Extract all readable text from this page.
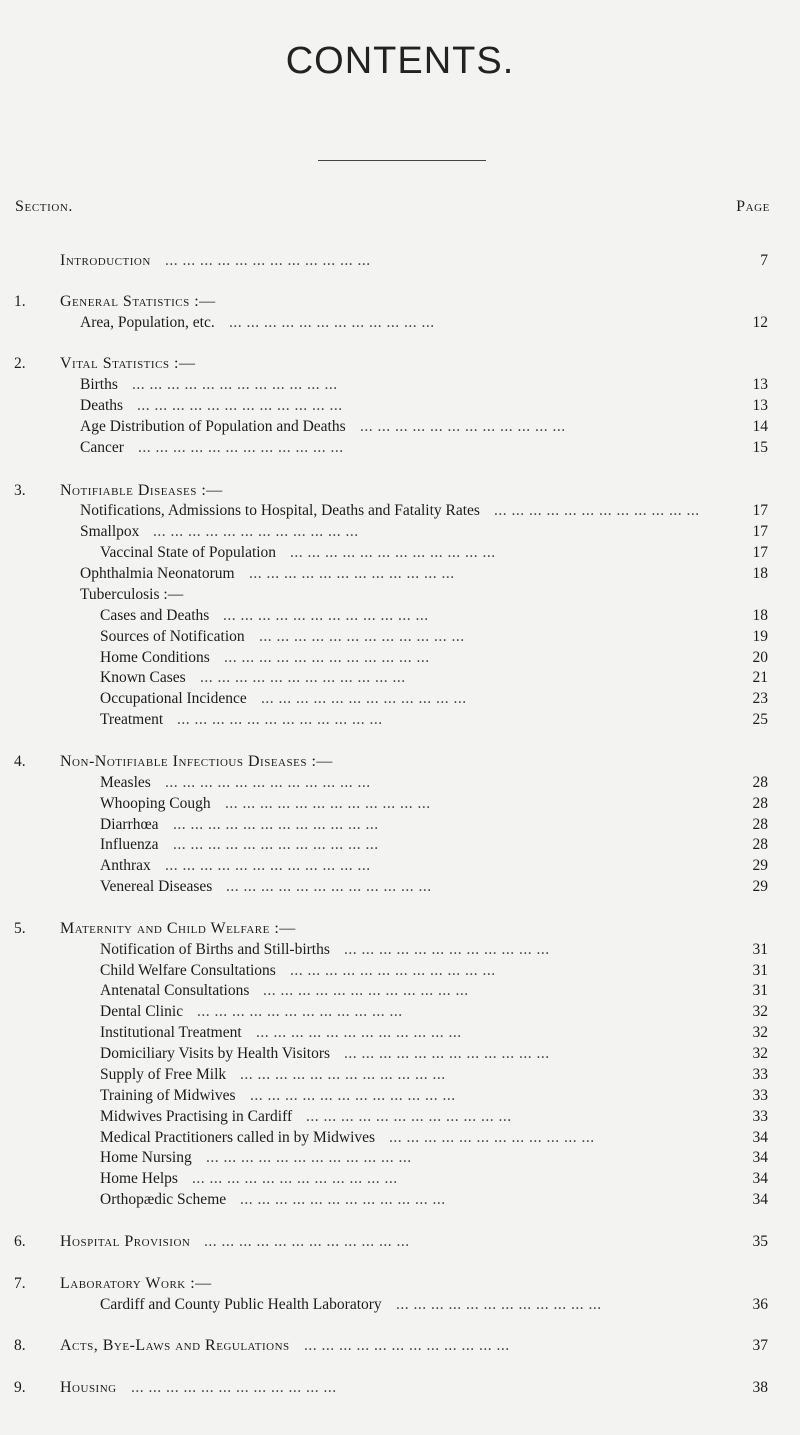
CONTENTS.
Section.	Page
Introduction ... ... ... ... ... ... ... ... ... ... ... ...	7
1.	General Statistics :—
Area, Population, etc. ... ... ... ... ... ... ... ... ... ... ... ...	12
2.	Vital Statistics :—
Births ... ... ... ... ... ... ... ... ... ... ... ...	13
Deaths ... ... ... ... ... ... ... ... ... ... ... ...	13
Age Distribution of Population and Deaths ... ... ... ... ... ... ... ... ... ... ... ...	14
Cancer ... ... ... ... ... ... ... ... ... ... ... ...	15
3.	Notifiable Diseases :—
Notifications, Admissions to Hospital, Deaths and Fatality Rates ... ... ... ... ... ... ... ... ... ... ... ...	17
Smallpox ... ... ... ... ... ... ... ... ... ... ... ...	17
Vaccinal State of Population ... ... ... ... ... ... ... ... ... ... ... ...	17
Ophthalmia Neonatorum ... ... ... ... ... ... ... ... ... ... ... ...	18
Tuberculosis :—
Cases and Deaths ... ... ... ... ... ... ... ... ... ... ... ...	18
Sources of Notification ... ... ... ... ... ... ... ... ... ... ... ...	19
Home Conditions ... ... ... ... ... ... ... ... ... ... ... ...	20
Known Cases ... ... ... ... ... ... ... ... ... ... ... ...	21
Occupational Incidence ... ... ... ... ... ... ... ... ... ... ... ...	23
Treatment ... ... ... ... ... ... ... ... ... ... ... ...	25
4.	Non-Notifiable Infectious Diseases :—
Measles ... ... ... ... ... ... ... ... ... ... ... ...	28
Whooping Cough ... ... ... ... ... ... ... ... ... ... ... ...	28
Diarrhœa ... ... ... ... ... ... ... ... ... ... ... ...	28
Influenza ... ... ... ... ... ... ... ... ... ... ... ...	28
Anthrax ... ... ... ... ... ... ... ... ... ... ... ...	29
Venereal Diseases ... ... ... ... ... ... ... ... ... ... ... ...	29
5.	Maternity and Child Welfare :—
Notification of Births and Still-births ... ... ... ... ... ... ... ... ... ... ... ...	31
Child Welfare Consultations ... ... ... ... ... ... ... ... ... ... ... ...	31
Antenatal Consultations ... ... ... ... ... ... ... ... ... ... ... ...	31
Dental Clinic ... ... ... ... ... ... ... ... ... ... ... ...	32
Institutional Treatment ... ... ... ... ... ... ... ... ... ... ... ...	32
Domiciliary Visits by Health Visitors ... ... ... ... ... ... ... ... ... ... ... ...	32
Supply of Free Milk ... ... ... ... ... ... ... ... ... ... ... ...	33
Training of Midwives ... ... ... ... ... ... ... ... ... ... ... ...	33
Midwives Practising in Cardiff ... ... ... ... ... ... ... ... ... ... ... ...	33
Medical Practitioners called in by Midwives ... ... ... ... ... ... ... ... ... ... ... ...	34
Home Nursing ... ... ... ... ... ... ... ... ... ... ... ...	34
Home Helps ... ... ... ... ... ... ... ... ... ... ... ...	34
Orthopædic Scheme ... ... ... ... ... ... ... ... ... ... ... ...	34
6.	Hospital Provision ... ... ... ... ... ... ... ... ... ... ... ...	35
7.	Laboratory Work :—
Cardiff and County Public Health Laboratory ... ... ... ... ... ... ... ... ... ... ... ...	36
8.	Acts, Bye-Laws and Regulations ... ... ... ... ... ... ... ... ... ... ... ...	37
9.	Housing ... ... ... ... ... ... ... ... ... ... ... ...	38
